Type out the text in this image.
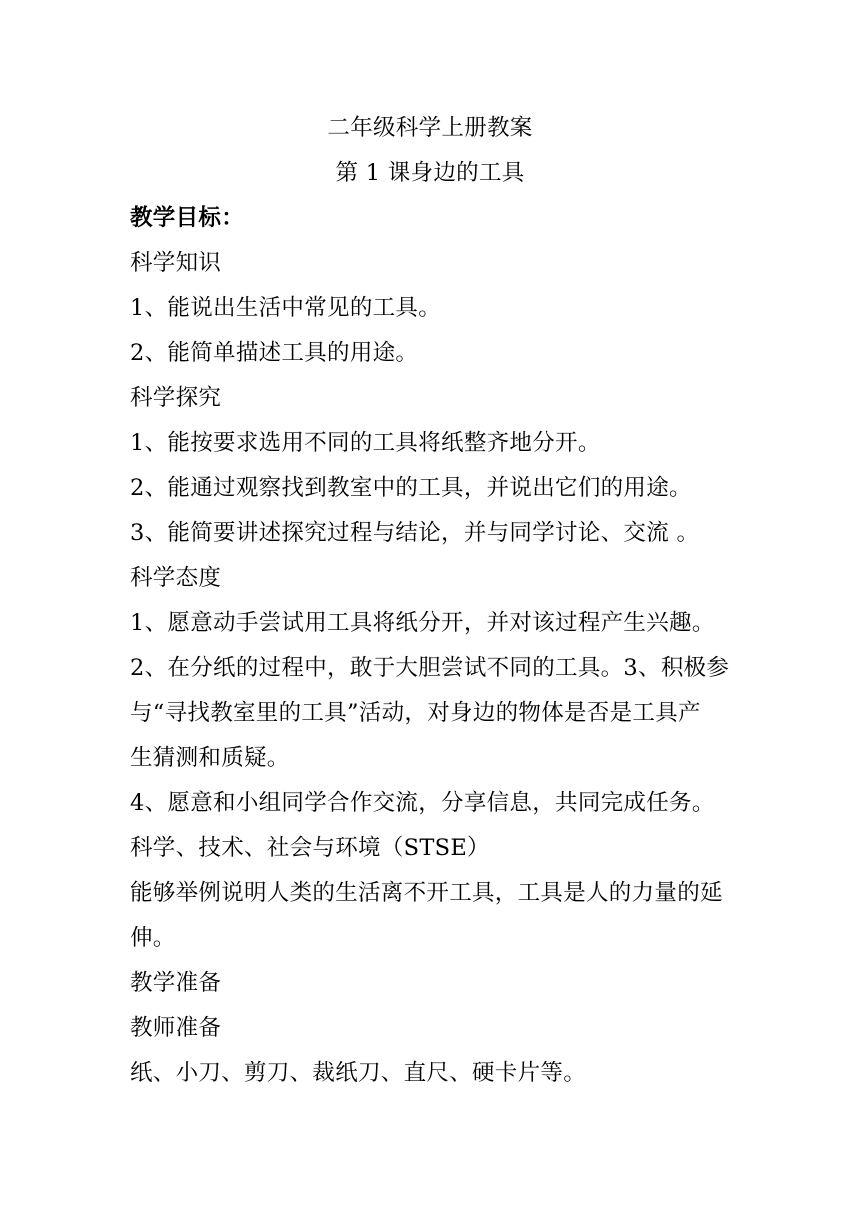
二年级科学上册教案
第 1 课身边的工具
教学目标：
科学知识
1、能说出生活中常见的工具。
2、能简单描述工具的用途。
科学探究
1、能按要求选用不同的工具将纸整齐地分开。
2、能通过观察找到教室中的工具，并说出它们的用途。
3、能简要讲述探究过程与结论，并与同学讨论、交流 。
科学态度
1、愿意动手尝试用工具将纸分开，并对该过程产生兴趣。
2、在分纸的过程中，敢于大胆尝试不同的工具。3、积极参
与“寻找教室里的工具”活动，对身边的物体是否是工具产
生猜测和质疑。
4、愿意和小组同学合作交流，分享信息，共同完成任务。
科学、技术、社会与环境（STSE）
能够举例说明人类的生活离不开工具，工具是人的力量的延
伸。
教学准备
教师准备
纸、小刀、剪刀、裁纸刀、直尺、硬卡片等。
